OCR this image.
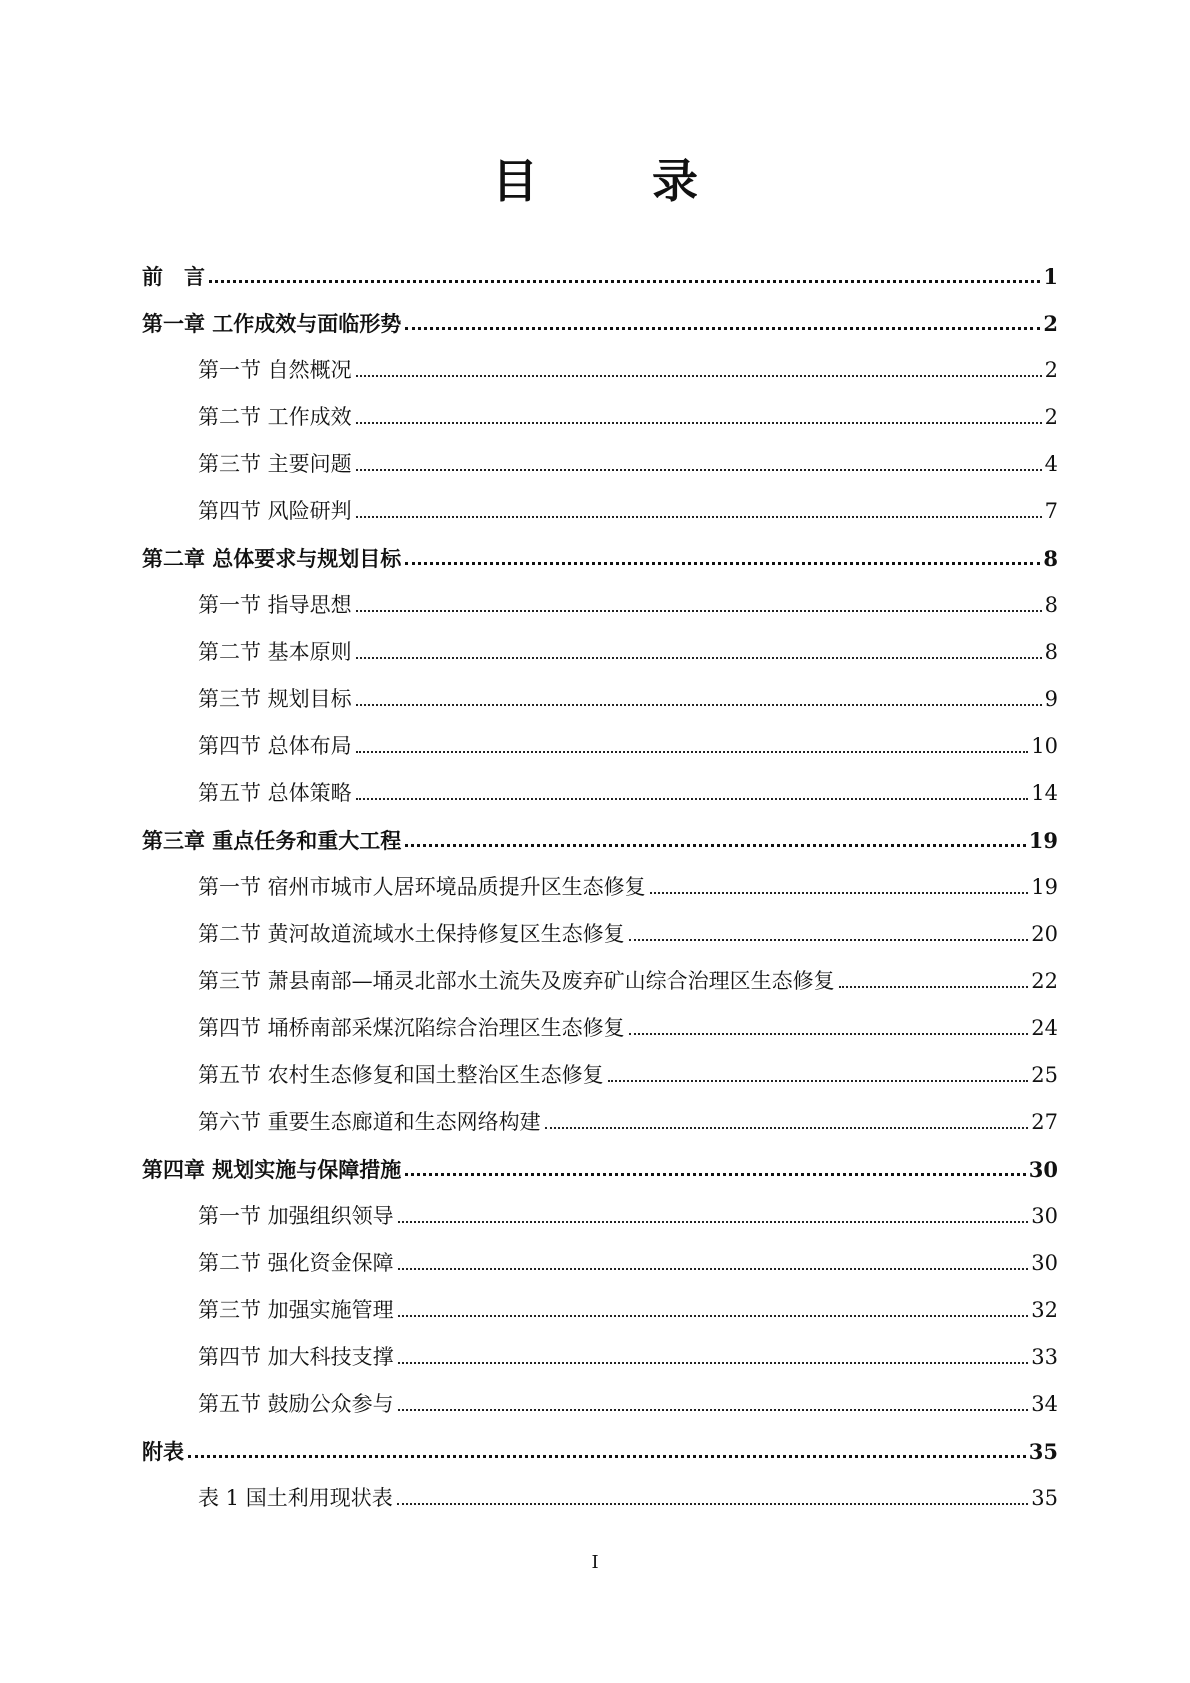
目　录
前　言	1
第一章 工作成效与面临形势	2
第一节 自然概况	2
第二节 工作成效	2
第三节 主要问题	4
第四节 风险研判	7
第二章 总体要求与规划目标	8
第一节 指导思想	8
第二节 基本原则	8
第三节 规划目标	9
第四节 总体布局	10
第五节 总体策略	14
第三章 重点任务和重大工程	19
第一节 宿州市城市人居环境品质提升区生态修复	19
第二节 黄河故道流域水土保持修复区生态修复	20
第三节 萧县南部—埇灵北部水土流失及废弃矿山综合治理区生态修复	22
第四节 埇桥南部采煤沉陷综合治理区生态修复	24
第五节 农村生态修复和国土整治区生态修复	25
第六节 重要生态廊道和生态网络构建	27
第四章 规划实施与保障措施	30
第一节 加强组织领导	30
第二节 强化资金保障	30
第三节 加强实施管理	32
第四节 加大科技支撑	33
第五节 鼓励公众参与	34
附表	35
表 1 国土利用现状表	35
I
